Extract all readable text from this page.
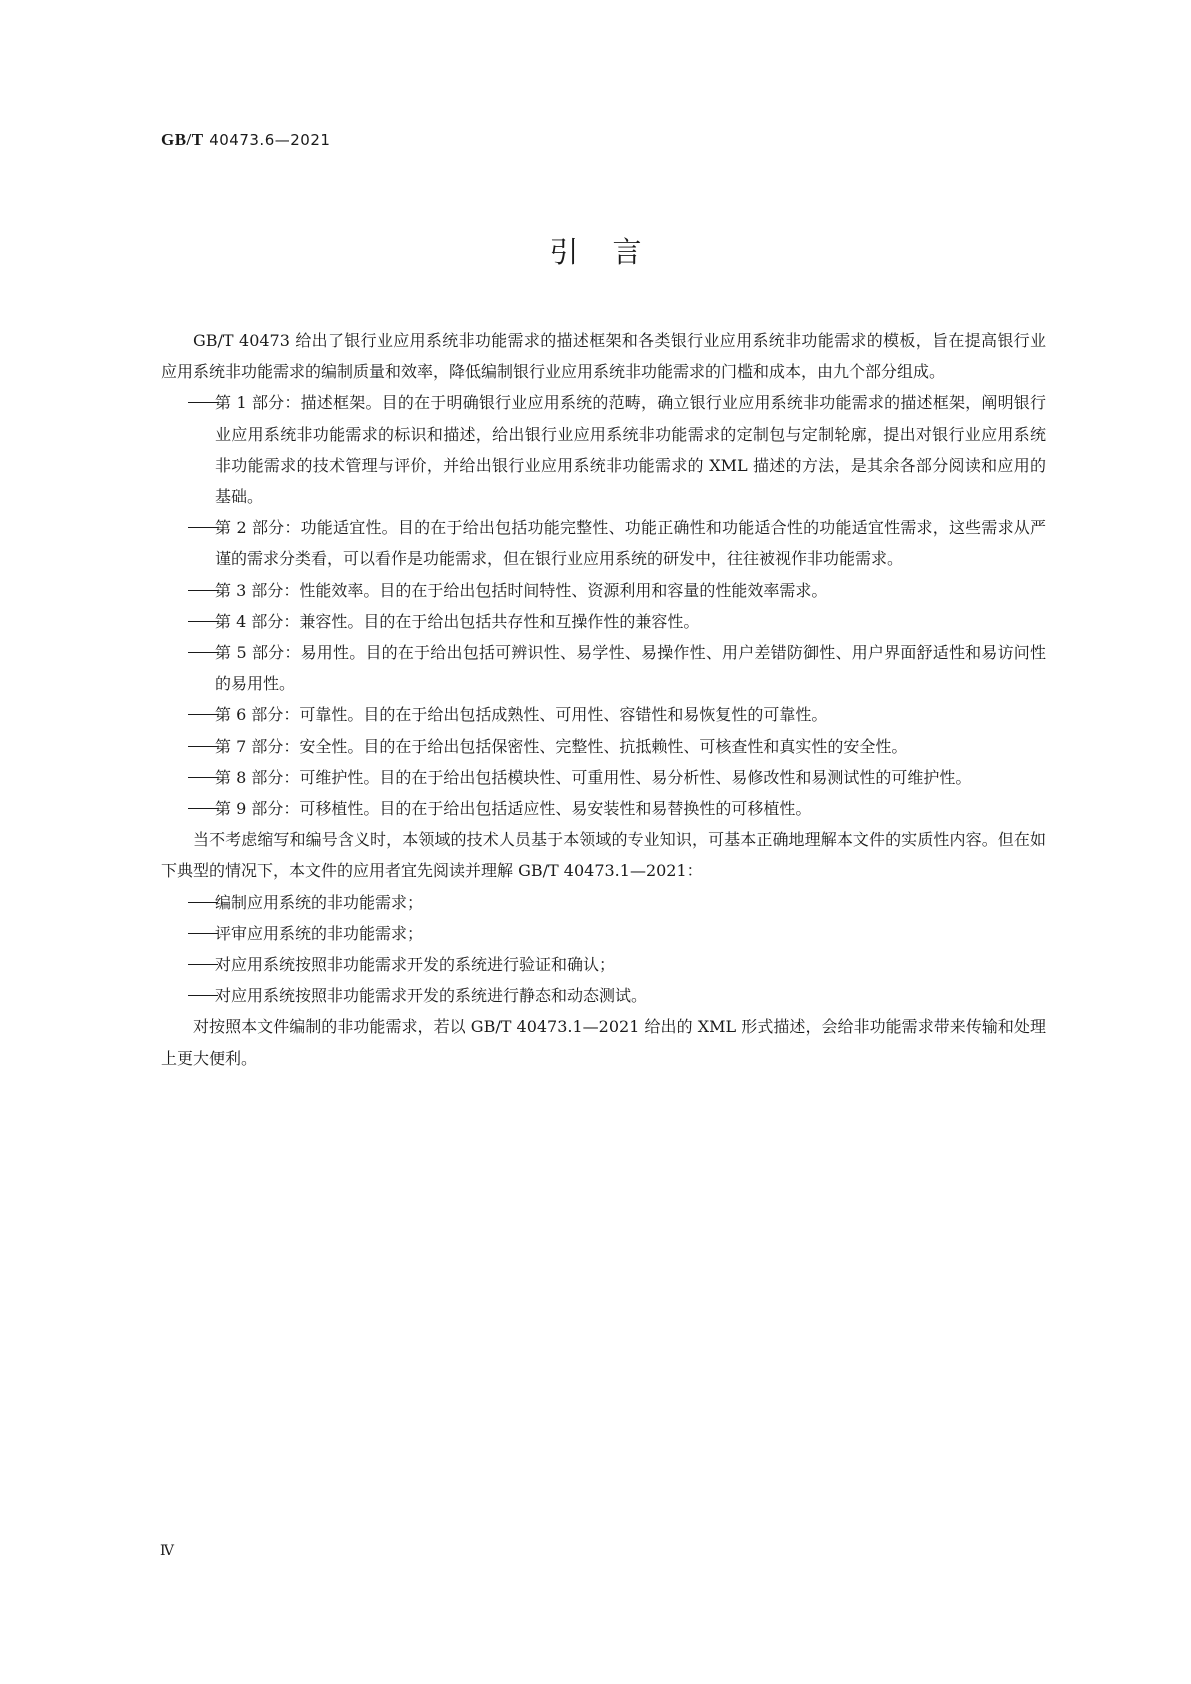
GB/T 40473.6—2021
引言

GB/T 40473 给出了银行业应用系统非功能需求的描述框架和各类银行业应用系统非功能需求的模板，旨在提高银行业应用系统非功能需求的编制质量和效率，降低编制银行业应用系统非功能需求的门槛和成本，由九个部分组成。

第 1 部分：描述框架。目的在于明确银行业应用系统的范畴，确立银行业应用系统非功能需求的描述框架，阐明银行业应用系统非功能需求的标识和描述，给出银行业应用系统非功能需求的定制包与定制轮廓，提出对银行业应用系统非功能需求的技术管理与评价，并给出银行业应用系统非功能需求的 XML 描述的方法，是其余各部分阅读和应用的基础。
第 2 部分：功能适宜性。目的在于给出包括功能完整性、功能正确性和功能适合性的功能适宜性需求，这些需求从严谨的需求分类看，可以看作是功能需求，但在银行业应用系统的研发中，往往被视作非功能需求。
第 3 部分：性能效率。目的在于给出包括时间特性、资源利用和容量的性能效率需求。
第 4 部分：兼容性。目的在于给出包括共存性和互操作性的兼容性。
第 5 部分：易用性。目的在于给出包括可辨识性、易学性、易操作性、用户差错防御性、用户界面舒适性和易访问性的易用性。
第 6 部分：可靠性。目的在于给出包括成熟性、可用性、容错性和易恢复性的可靠性。
第 7 部分：安全性。目的在于给出包括保密性、完整性、抗抵赖性、可核查性和真实性的安全性。
第 8 部分：可维护性。目的在于给出包括模块性、可重用性、易分析性、易修改性和易测试性的可维护性。
第 9 部分：可移植性。目的在于给出包括适应性、易安装性和易替换性的可移植性。

当不考虑缩写和编号含义时，本领域的技术人员基于本领域的专业知识，可基本正确地理解本文件的实质性内容。但在如下典型的情况下，本文件的应用者宜先阅读并理解 GB/T 40473.1—2021：

编制应用系统的非功能需求；
评审应用系统的非功能需求；
对应用系统按照非功能需求开发的系统进行验证和确认；
对应用系统按照非功能需求开发的系统进行静态和动态测试。

对按照本文件编制的非功能需求，若以 GB/T 40473.1—2021 给出的 XML 形式描述，会给非功能需求带来传输和处理上更大便利。

Ⅳ
